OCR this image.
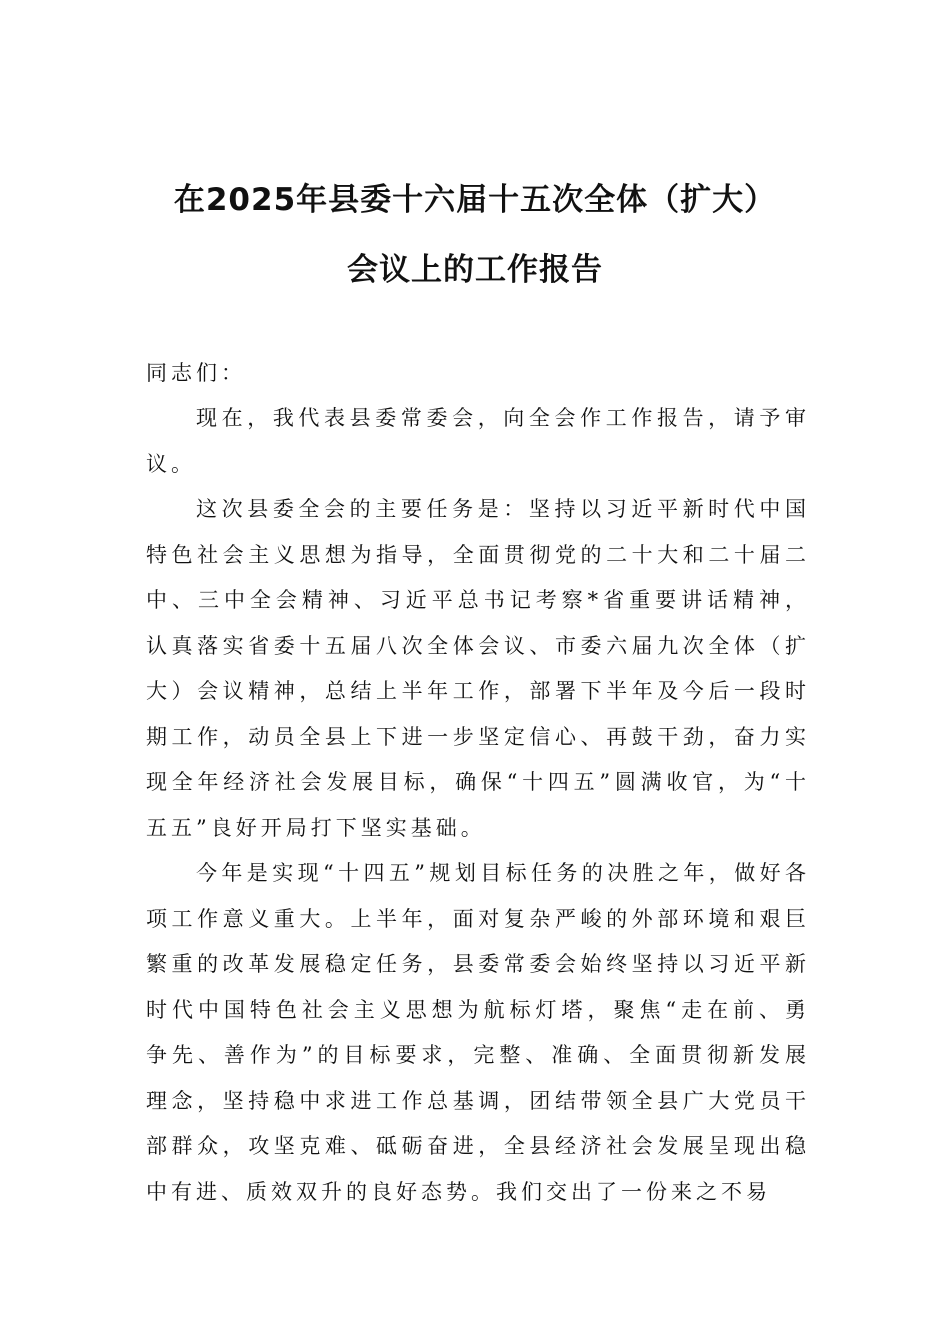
在2025年县委十六届十五次全体（扩大）
会议上的工作报告
同志们：

现在，我代表县委常委会，向全会作工作报告，请予审议。

这次县委全会的主要任务是：坚持以习近平新时代中国特色社会主义思想为指导，全面贯彻党的二十大和二十届二中、三中全会精神、习近平总书记考察*省重要讲话精神，认真落实省委十五届八次全体会议、市委六届九次全体（扩大）会议精神，总结上半年工作，部署下半年及今后一段时期工作，动员全县上下进一步坚定信心、再鼓干劲，奋力实现全年经济社会发展目标，确保“十四五”圆满收官，为“十五五”良好开局打下坚实基础。

今年是实现“十四五”规划目标任务的决胜之年，做好各项工作意义重大。上半年，面对复杂严峻的外部环境和艰巨繁重的改革发展稳定任务，县委常委会始终坚持以习近平新时代中国特色社会主义思想为航标灯塔，聚焦“走在前、勇争先、善作为”的目标要求，完整、准确、全面贯彻新发展理念，坚持稳中求进工作总基调，团结带领全县广大党员干部群众，攻坚克难、砥砺奋进，全县经济社会发展呈现出稳中有进、质效双升的良好态势。我们交出了一份来之不易
